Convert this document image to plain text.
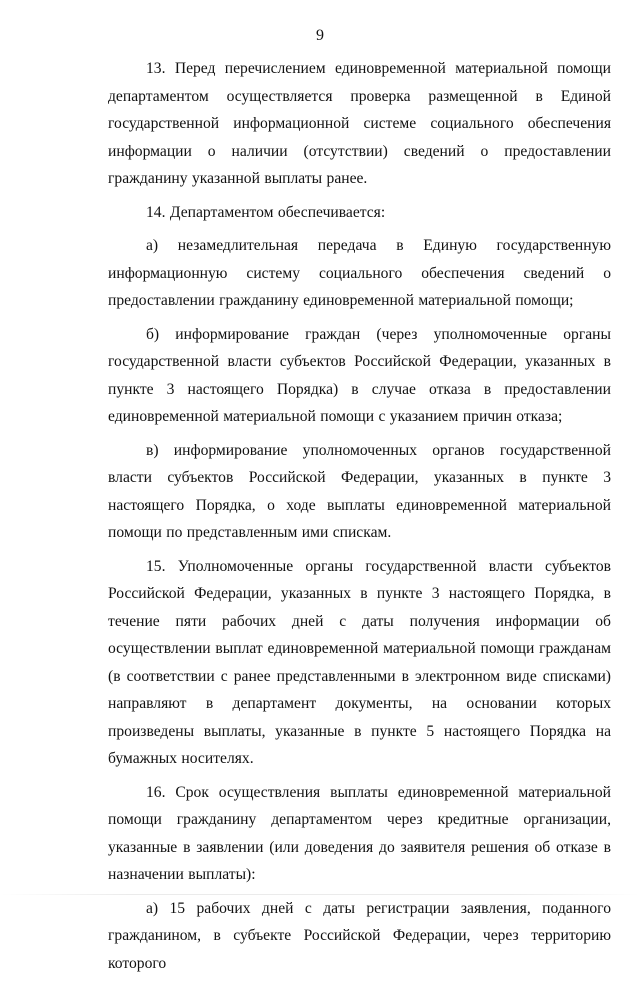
9

13. Перед перечислением единовременной материальной помощи департаментом осуществляется проверка размещенной в Единой государственной информационной системе социального обеспечения информации о наличии (отсутствии) сведений о предоставлении гражданину указанной выплаты ранее.

14. Департаментом обеспечивается:

а) незамедлительная передача в Единую государственную информационную систему социального обеспечения сведений о предоставлении гражданину единовременной материальной помощи;

б) информирование граждан (через уполномоченные органы государственной власти субъектов Российской Федерации, указанных в пункте 3 настоящего Порядка) в случае отказа в предоставлении единовременной материальной помощи с указанием причин отказа;

в) информирование уполномоченных органов государственной власти субъектов Российской Федерации, указанных в пункте 3 настоящего Порядка, о ходе выплаты единовременной материальной помощи по представленным ими спискам.

15. Уполномоченные органы государственной власти субъектов Российской Федерации, указанных в пункте 3 настоящего Порядка, в течение пяти рабочих дней с даты получения информации об осуществлении выплат единовременной материальной помощи гражданам (в соответствии с ранее представленными в электронном виде списками) направляют в департамент документы, на основании которых произведены выплаты, указанные в пункте 5 настоящего Порядка на бумажных носителях.

16. Срок осуществления выплаты единовременной материальной помощи гражданину департаментом через кредитные организации, указанные в заявлении (или доведения до заявителя решения об отказе в назначении выплаты):

а) 15 рабочих дней с даты регистрации заявления, поданного гражданином, в субъекте Российской Федерации, через территорию которого
